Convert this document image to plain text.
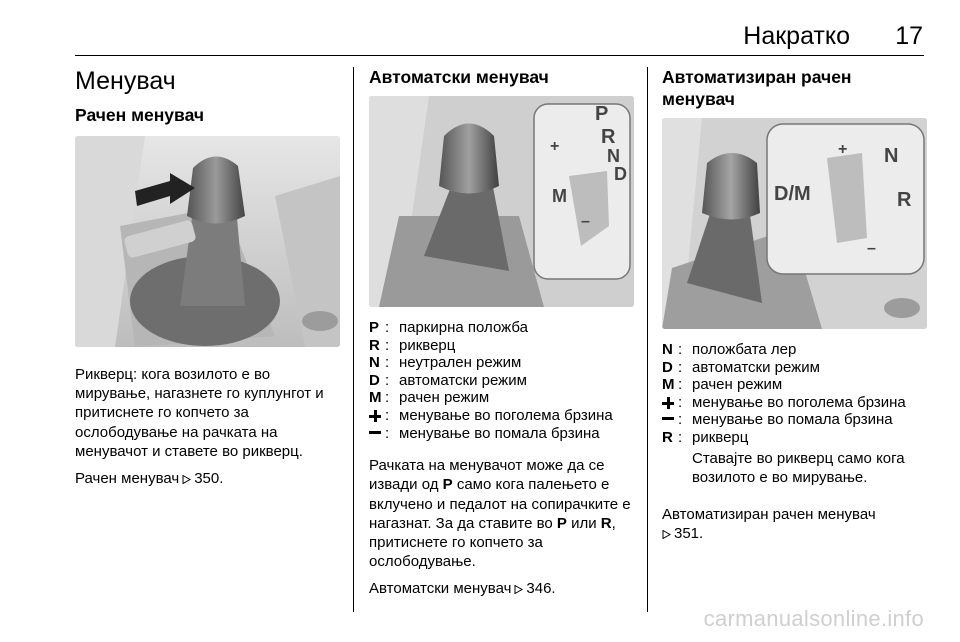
Накратко 17
Менувач
Рачен менувач
Рикверц: кога возилото е во мирување, нагазнете го куплунгот и притиснете го копчето за ослободување на рачката на менувачот и ставете во рикверц.
Рачен менувач 350.
Автоматски менувач
P
R
N
D
M
+
–
P : паркирна положба
R : рикверц
N : неутрален режим
D : автоматски режим
M : рачен режим
: менување во поголема брзина
: менување во помала брзина
Рачката на менувачот може да се извади од P само кога палењето е вклучено и педалот на сопирачките е нагазнат. За да ставите во P или R, притиснете го копчето за ослободување.
Автоматски менувач 346.
Автоматизиран рачен менувач
D/M
N
R
+
–
N : положбата лер
D : автоматски режим
M : рачен режим
: менување во поголема брзина
: менување во помала брзина
R : рикверц
Ставајте во рикверц само кога возилото е во мирување.
Автоматизиран рачен менувач
351.
carmanualsonline.info
